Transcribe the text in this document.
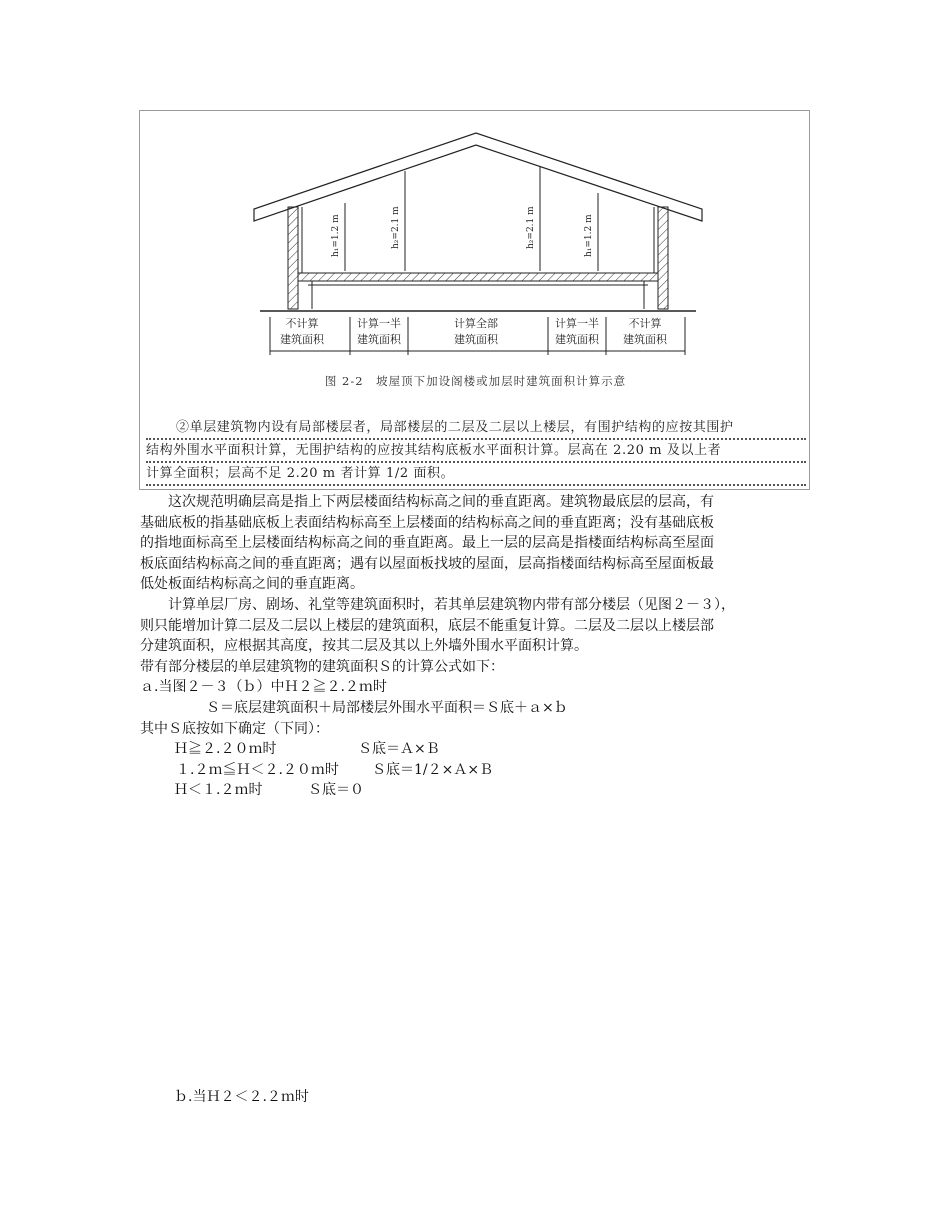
h₁=1.2 m	h₂=2.1 m	h₂=2.1 m	h₁=1.2 m
不计算
建筑面积
计算一半
建筑面积
计算全部
建筑面积
计算一半
建筑面积
不计算
建筑面积
图 2-2　坡屋顶下加设阁楼或加层时建筑面积计算示意
②单层建筑物内设有局部楼层者，局部楼层的二层及二层以上楼层，有围护结构的应按其围护
结构外围水平面积计算，无围护结构的应按其结构底板水平面积计算。层高在 2.20 m 及以上者
计算全面积；层高不足 2.20 m 者计算 1/2 面积。
这次规范明确层高是指上下两层楼面结构标高之间的垂直距离。建筑物最底层的层高，有
基础底板的指基础底板上表面结构标高至上层楼面的结构标高之间的垂直距离；没有基础底板
的指地面标高至上层楼面结构标高之间的垂直距离。最上一层的层高是指楼面结构标高至屋面
板底面结构标高之间的垂直距离；遇有以屋面板找坡的屋面，层高指楼面结构标高至屋面板最
低处板面结构标高之间的垂直距离。
计算单层厂房、剧场、礼堂等建筑面积时，若其单层建筑物内带有部分楼层（见图２－３），
则只能增加计算二层及二层以上楼层的建筑面积，底层不能重复计算。二层及二层以上楼层部
分建筑面积，应根据其高度，按其二层及其以上外墙外围水平面积计算。
带有部分楼层的单层建筑物的建筑面积Ｓ的计算公式如下：
ａ.当图２－３（ｂ）中Ｈ２≧２.２ｍ时
Ｓ＝底层建筑面积＋局部楼层外围水平面积＝Ｓ底＋ａ×ｂ
其中Ｓ底按如下确定（下同）：
Ｈ≧２.２０ｍ时	Ｓ底＝Ａ×Ｂ
１.２ｍ≦Ｈ＜２.２０ｍ时 Ｓ底＝1/２×Ａ×Ｂ
Ｈ＜１.２ｍ时	Ｓ底＝０
ｂ.当Ｈ２＜２.２ｍ时
